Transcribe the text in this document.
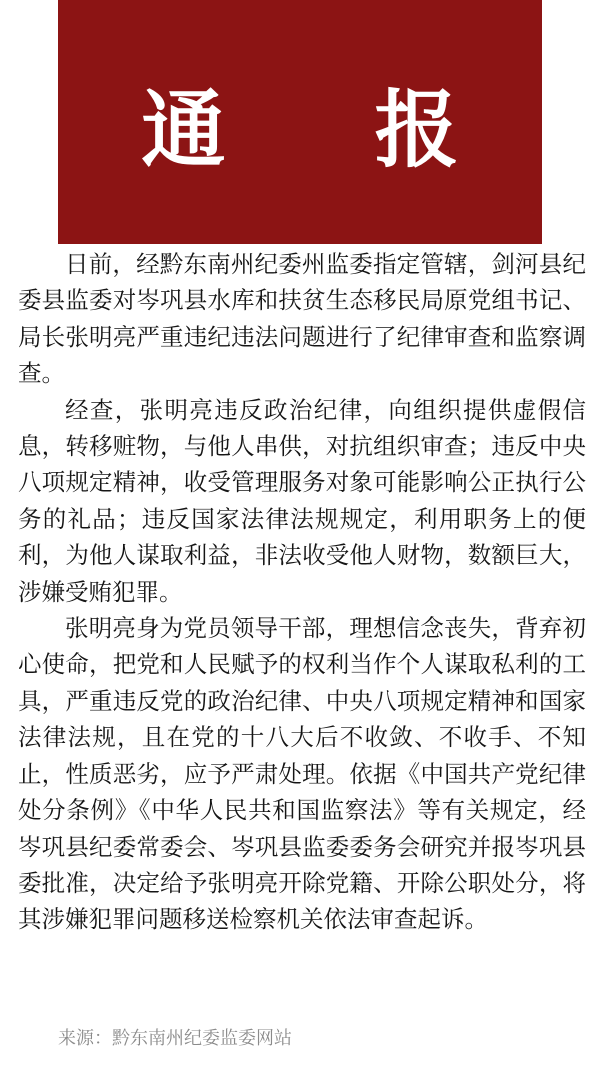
通 报

日前，经黔东南州纪委州监委指定管辖，剑河县纪委县监委对岑巩县水库和扶贫生态移民局原党组书记、局长张明亮严重违纪违法问题进行了纪律审查和监察调查。

经查，张明亮违反政治纪律，向组织提供虚假信息，转移赃物，与他人串供，对抗组织审查；违反中央八项规定精神，收受管理服务对象可能影响公正执行公务的礼品；违反国家法律法规规定，利用职务上的便利，为他人谋取利益，非法收受他人财物，数额巨大，涉嫌受贿犯罪。

张明亮身为党员领导干部，理想信念丧失，背弃初心使命，把党和人民赋予的权利当作个人谋取私利的工具，严重违反党的政治纪律、中央八项规定精神和国家法律法规，且在党的十八大后不收敛、不收手、不知止，性质恶劣，应予严肃处理。依据《中国共产党纪律处分条例》《中华人民共和国监察法》等有关规定，经岑巩县纪委常委会、岑巩县监委委务会研究并报岑巩县委批准，决定给予张明亮开除党籍、开除公职处分，将其涉嫌犯罪问题移送检察机关依法审查起诉。

来源：黔东南州纪委监委网站
